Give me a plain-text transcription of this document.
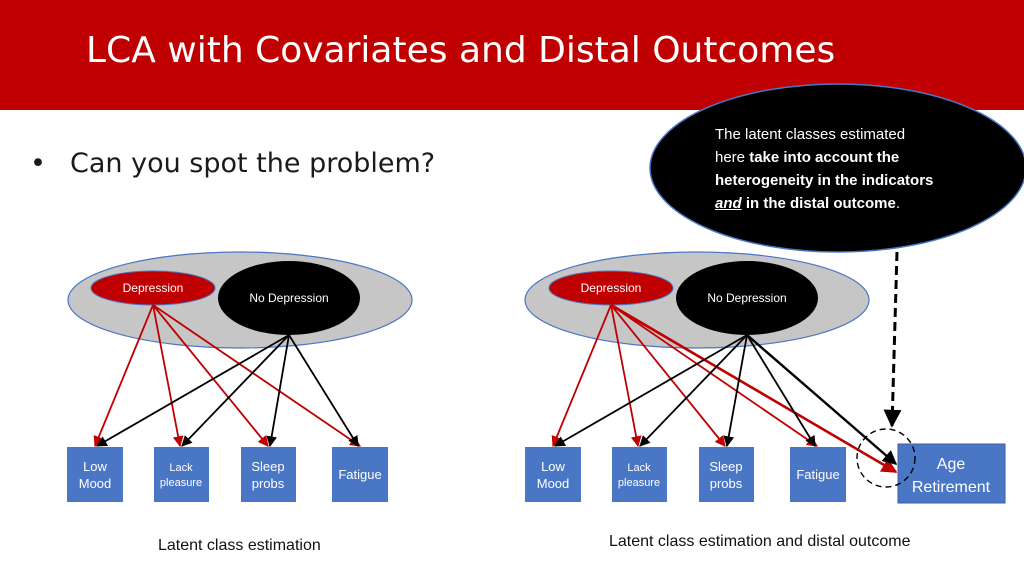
Depression
No Depression
Low
Mood
Lack
pleasure
Sleep
probs
Fatigue
Depression
No Depression
Low
Mood
Lack
pleasure
Sleep
probs
Fatigue
Age
Retirement
LCA with Covariates and Distal Outcomes
• Can you spot the problem?
The latent classes estimated
here take into account the
heterogeneity in the indicators
and in the distal outcome.
Latent class estimation	Latent class estimation and distal outcome
